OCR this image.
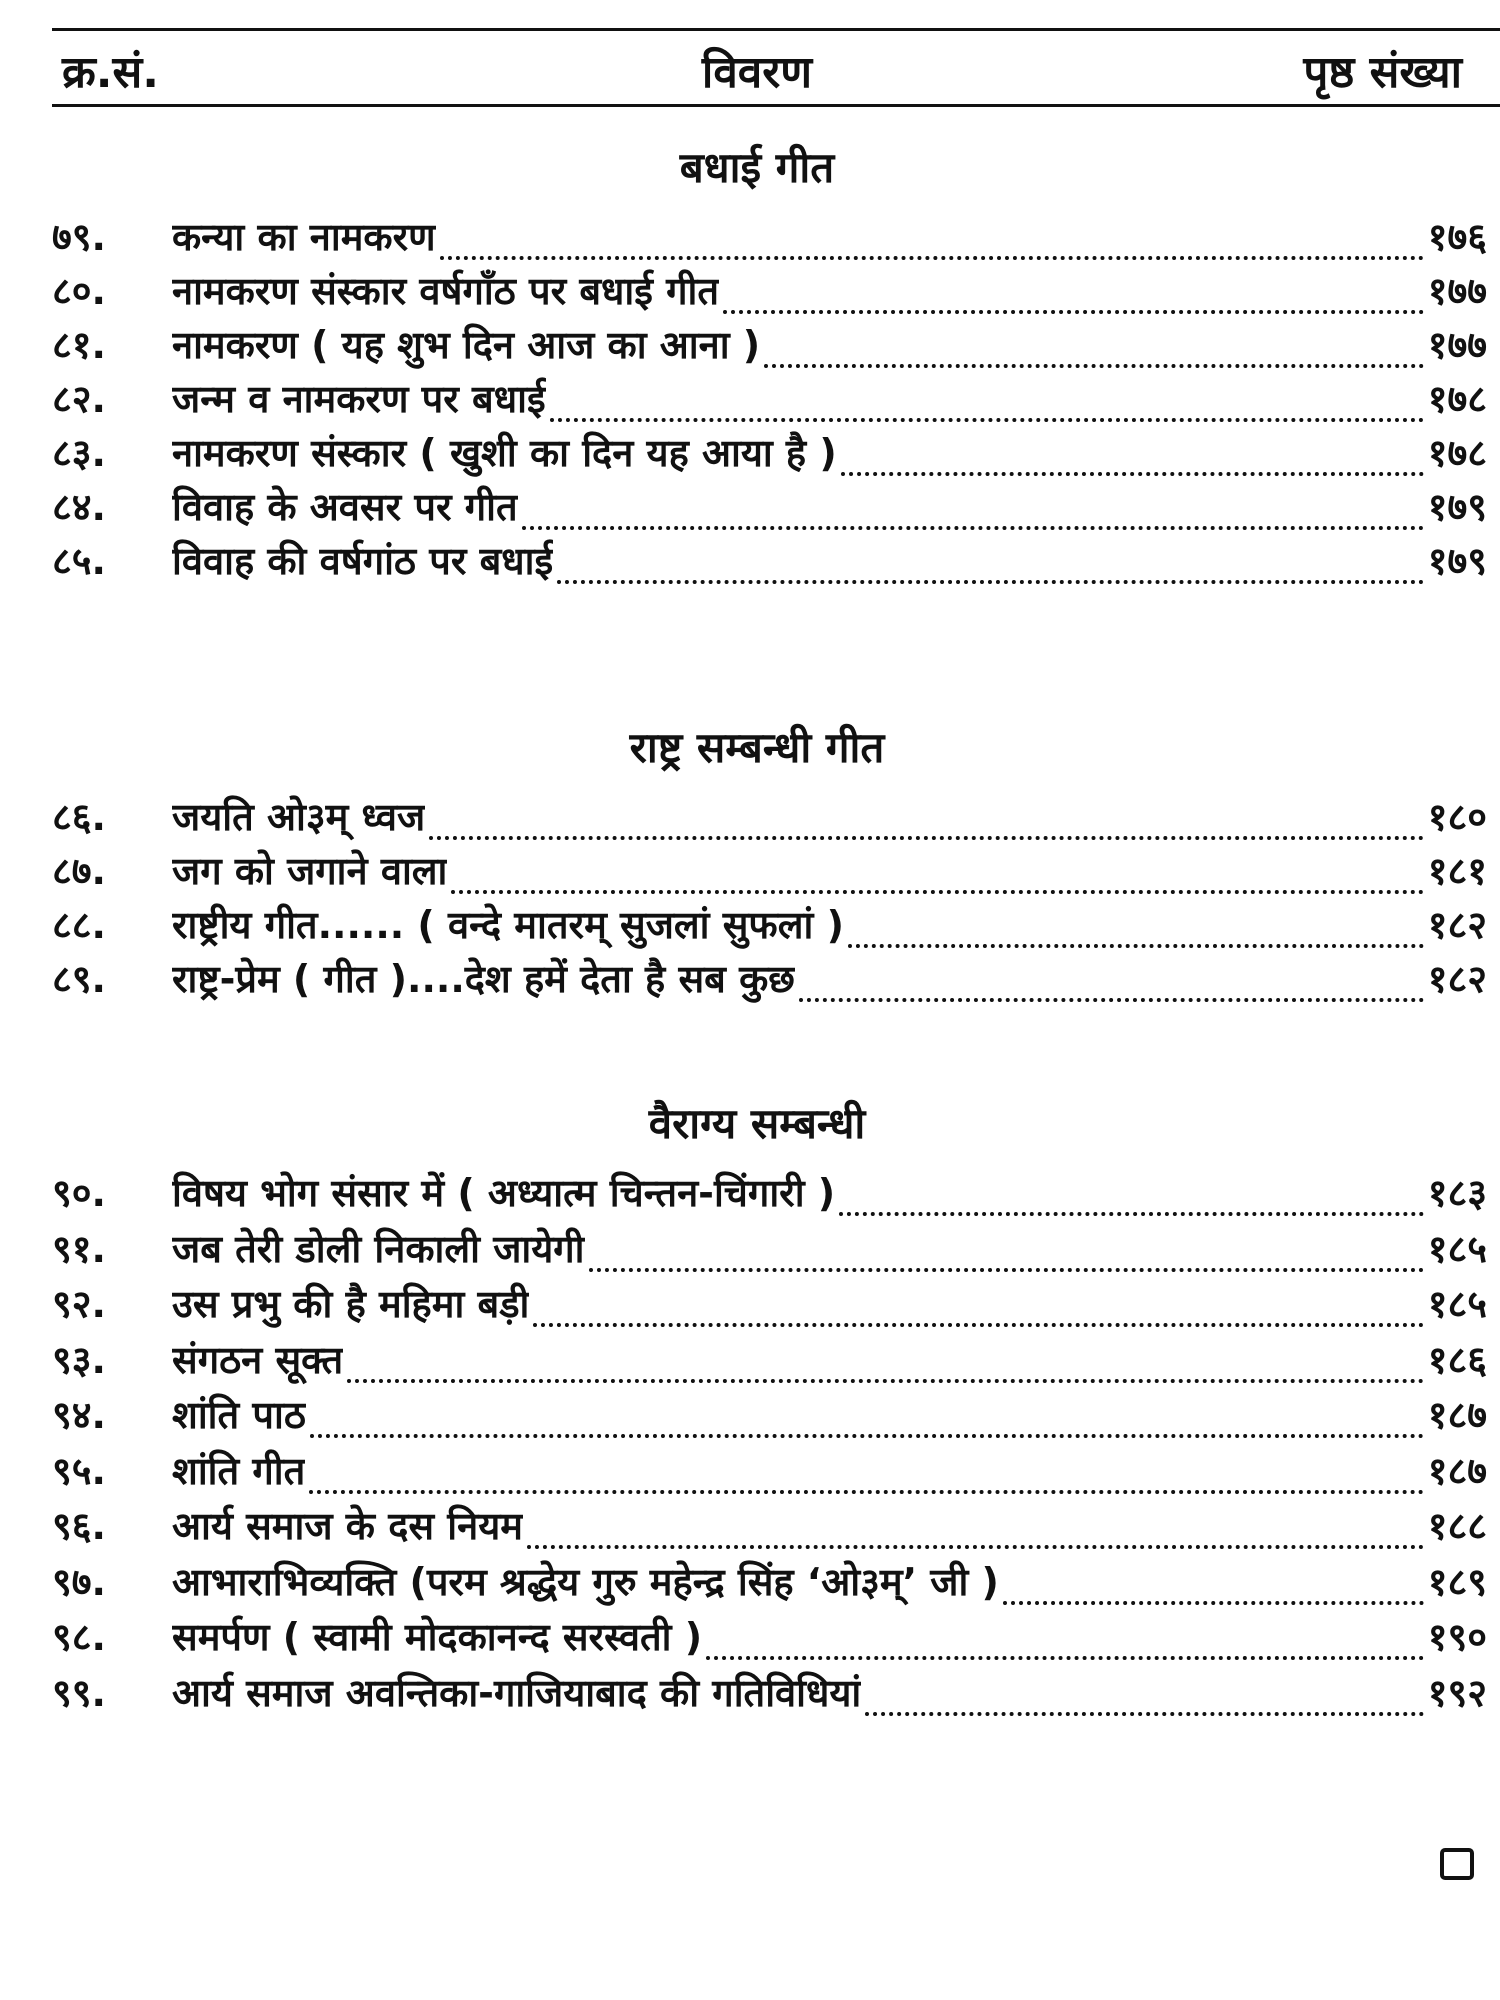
क्र.सं.	विवरण	पृष्ठ संख्या
बधाई गीत
७९.	कन्या का नामकरण	१७६
८०.	नामकरण संस्कार वर्षगाँठ पर बधाई गीत	१७७
८१.	नामकरण ( यह शुभ दिन आज का आना )	१७७
८२.	जन्म व नामकरण पर बधाई	१७८
८३.	नामकरण संस्कार ( खुशी का दिन यह आया है )	१७८
८४.	विवाह के अवसर पर गीत	१७९
८५.	विवाह की वर्षगांठ पर बधाई	१७९
राष्ट्र सम्बन्धी गीत
८६.	जयति ओ३म् ध्वज	१८०
८७.	जग को जगाने वाला	१८१
८८.	राष्ट्रीय गीत...... ( वन्दे मातरम् सुजलां सुफलां )	१८२
८९.	राष्ट्र-प्रेम ( गीत )....देश हमें देता है सब कुछ	१८२
वैराग्य सम्बन्धी
९०.	विषय भोग संसार में ( अध्यात्म चिन्तन-चिंगारी )	१८३
९१.	जब तेरी डोली निकाली जायेगी	१८५
९२.	उस प्रभु की है महिमा बड़ी	१८५
९३.	संगठन सूक्त	१८६
९४.	शांति पाठ	१८७
९५.	शांति गीत	१८७
९६.	आर्य समाज के दस नियम	१८८
९७.	आभाराभिव्यक्ति (परम श्रद्धेय गुरु महेन्द्र सिंह ‘ओ३म्’ जी )	१८९
९८.	समर्पण ( स्वामी मोदकानन्द सरस्वती )	१९०
९९.	आर्य समाज अवन्तिका-गाजियाबाद की गतिविधियां	१९२
